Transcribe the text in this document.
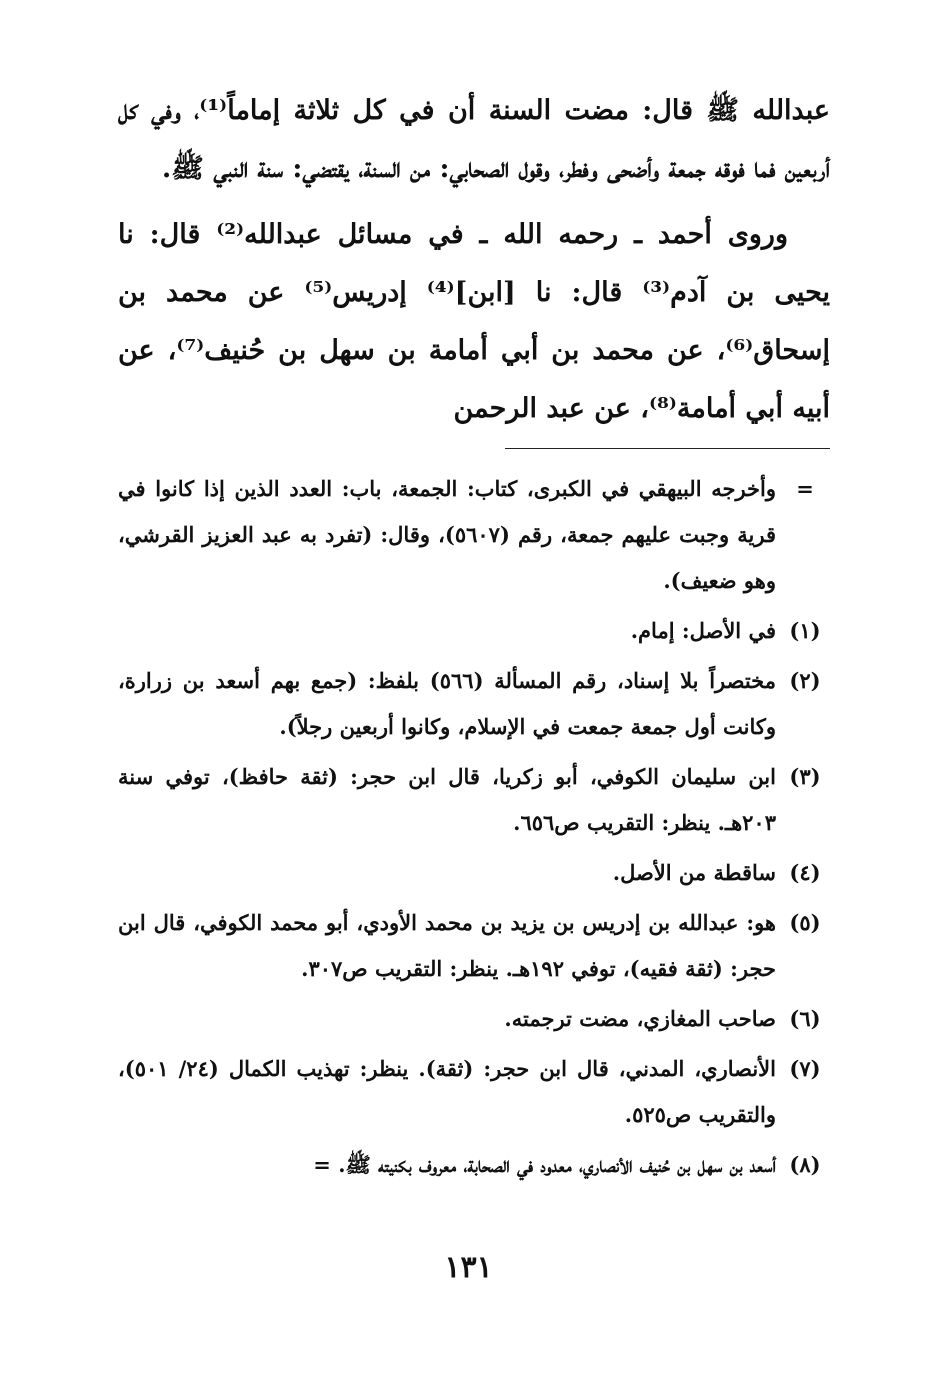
عبدالله ﷺ قال: مضت السنة أن في كل ثلاثة إماماً⁽¹⁾، وفي كل أربعين فما فوقه جمعة وأضحى وفطر، وقول الصحابي: من السنة، يقتضي: سنة النبي ﷺ.

وروى أحمد ـ رحمه الله ـ في مسائل عبدالله⁽²⁾ قال: نا يحيى بن آدم⁽³⁾ قال: نا [ابن]⁽⁴⁾ إدريس⁽⁵⁾ عن محمد بن إسحاق⁽⁶⁾، عن محمد بن أبي أمامة بن سهل بن حُنيف⁽⁷⁾، عن أبيه أبي أمامة⁽⁸⁾، عن عبد الرحمن

=
وأخرجه البيهقي في الكبرى، كتاب: الجمعة، باب: العدد الذين إذا كانوا في قرية وجبت عليهم جمعة، رقم (٥٦٠٧)، وقال: (تفرد به عبد العزيز القرشي، وهو ضعيف).
(١)
في الأصل: إمام.
(٢)
مختصراً بلا إسناد، رقم المسألة (٥٦٦) بلفظ: (جمع بهم أسعد بن زرارة، وكانت أول جمعة جمعت في الإسلام، وكانوا أربعين رجلاً).
(٣)
ابن سليمان الكوفي، أبو زكريا، قال ابن حجر: (ثقة حافظ)، توفي سنة ٢٠٣هـ. ينظر: التقريب ص٦٥٦.
(٤)
ساقطة من الأصل.
(٥)
هو: عبدالله بن إدريس بن يزيد بن محمد الأودي، أبو محمد الكوفي، قال ابن حجر: (ثقة فقيه)، توفي ١٩٢هـ. ينظر: التقريب ص٣٠٧.
(٦)
صاحب المغازي، مضت ترجمته.
(٧)
الأنصاري، المدني، قال ابن حجر: (ثقة). ينظر: تهذيب الكمال (٢٤/ ٥٠١)، والتقريب ص٥٢٥.
(٨)
أسعد بن سهل بن حُنيف الأنصاري، معدود في الصحابة، معروف بكنيته ﷺ. =
١٣١
